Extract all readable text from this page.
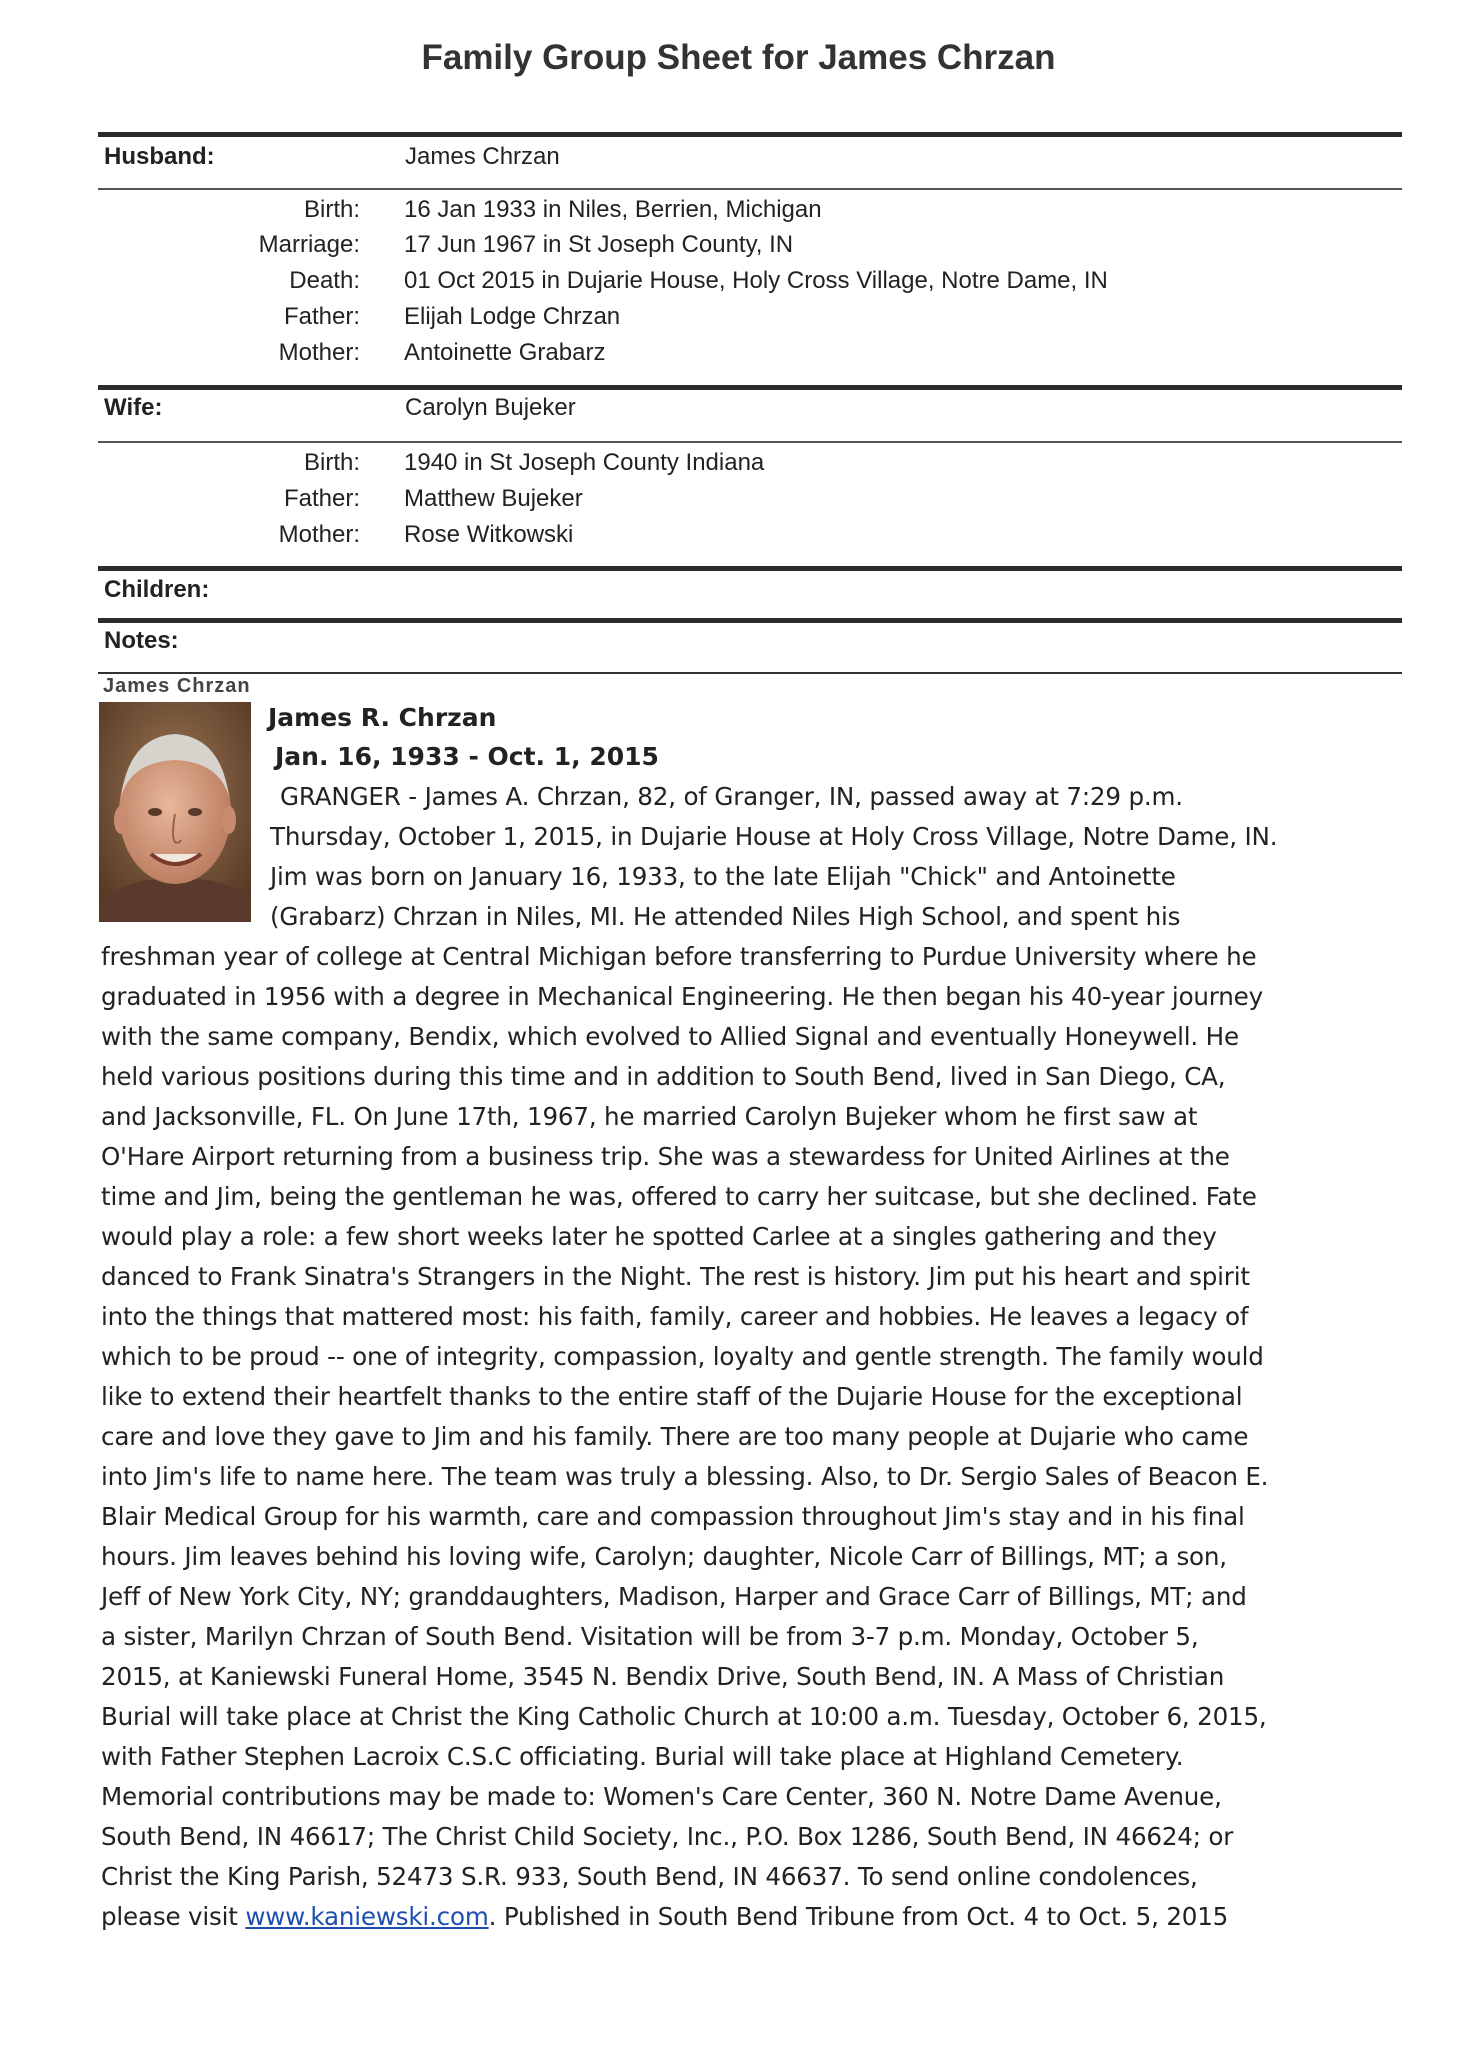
Family Group Sheet for James Chrzan
Husband:	James Chrzan
Birth: 16 Jan 1933 in Niles, Berrien, Michigan
Marriage: 17 Jun 1967 in St Joseph County, IN
Death: 01 Oct 2015 in Dujarie House, Holy Cross Village, Notre Dame, IN
Father: Elijah Lodge Chrzan
Mother: Antoinette Grabarz
Wife:	Carolyn Bujeker
Birth: 1940 in St Joseph County Indiana
Father: Matthew Bujeker
Mother: Rose Witkowski
Children:
Notes:
James Chrzan
James R. Chrzan
Jan. 16, 1933 - Oct. 1, 2015
GRANGER - James A. Chrzan, 82, of Granger, IN, passed away at 7:29 p.m.
Thursday, October 1, 2015, in Dujarie House at Holy Cross Village, Notre Dame, IN.
Jim was born on January 16, 1933, to the late Elijah "Chick" and Antoinette
(Grabarz) Chrzan in Niles, MI. He attended Niles High School, and spent his
freshman year of college at Central Michigan before transferring to Purdue University where he
graduated in 1956 with a degree in Mechanical Engineering. He then began his 40-year journey
with the same company, Bendix, which evolved to Allied Signal and eventually Honeywell. He
held various positions during this time and in addition to South Bend, lived in San Diego, CA,
and Jacksonville, FL. On June 17th, 1967, he married Carolyn Bujeker whom he first saw at
O'Hare Airport returning from a business trip. She was a stewardess for United Airlines at the
time and Jim, being the gentleman he was, offered to carry her suitcase, but she declined. Fate
would play a role: a few short weeks later he spotted Carlee at a singles gathering and they
danced to Frank Sinatra's Strangers in the Night. The rest is history. Jim put his heart and spirit
into the things that mattered most: his faith, family, career and hobbies. He leaves a legacy of
which to be proud -- one of integrity, compassion, loyalty and gentle strength. The family would
like to extend their heartfelt thanks to the entire staff of the Dujarie House for the exceptional
care and love they gave to Jim and his family. There are too many people at Dujarie who came
into Jim's life to name here. The team was truly a blessing. Also, to Dr. Sergio Sales of Beacon E.
Blair Medical Group for his warmth, care and compassion throughout Jim's stay and in his final
hours. Jim leaves behind his loving wife, Carolyn; daughter, Nicole Carr of Billings, MT; a son,
Jeff of New York City, NY; granddaughters, Madison, Harper and Grace Carr of Billings, MT; and
a sister, Marilyn Chrzan of South Bend. Visitation will be from 3-7 p.m. Monday, October 5,
2015, at Kaniewski Funeral Home, 3545 N. Bendix Drive, South Bend, IN. A Mass of Christian
Burial will take place at Christ the King Catholic Church at 10:00 a.m. Tuesday, October 6, 2015,
with Father Stephen Lacroix C.S.C officiating. Burial will take place at Highland Cemetery.
Memorial contributions may be made to: Women's Care Center, 360 N. Notre Dame Avenue,
South Bend, IN 46617; The Christ Child Society, Inc., P.O. Box 1286, South Bend, IN 46624; or
Christ the King Parish, 52473 S.R. 933, South Bend, IN 46637. To send online condolences,
please visit www.kaniewski.com. Published in South Bend Tribune from Oct. 4 to Oct. 5, 2015
